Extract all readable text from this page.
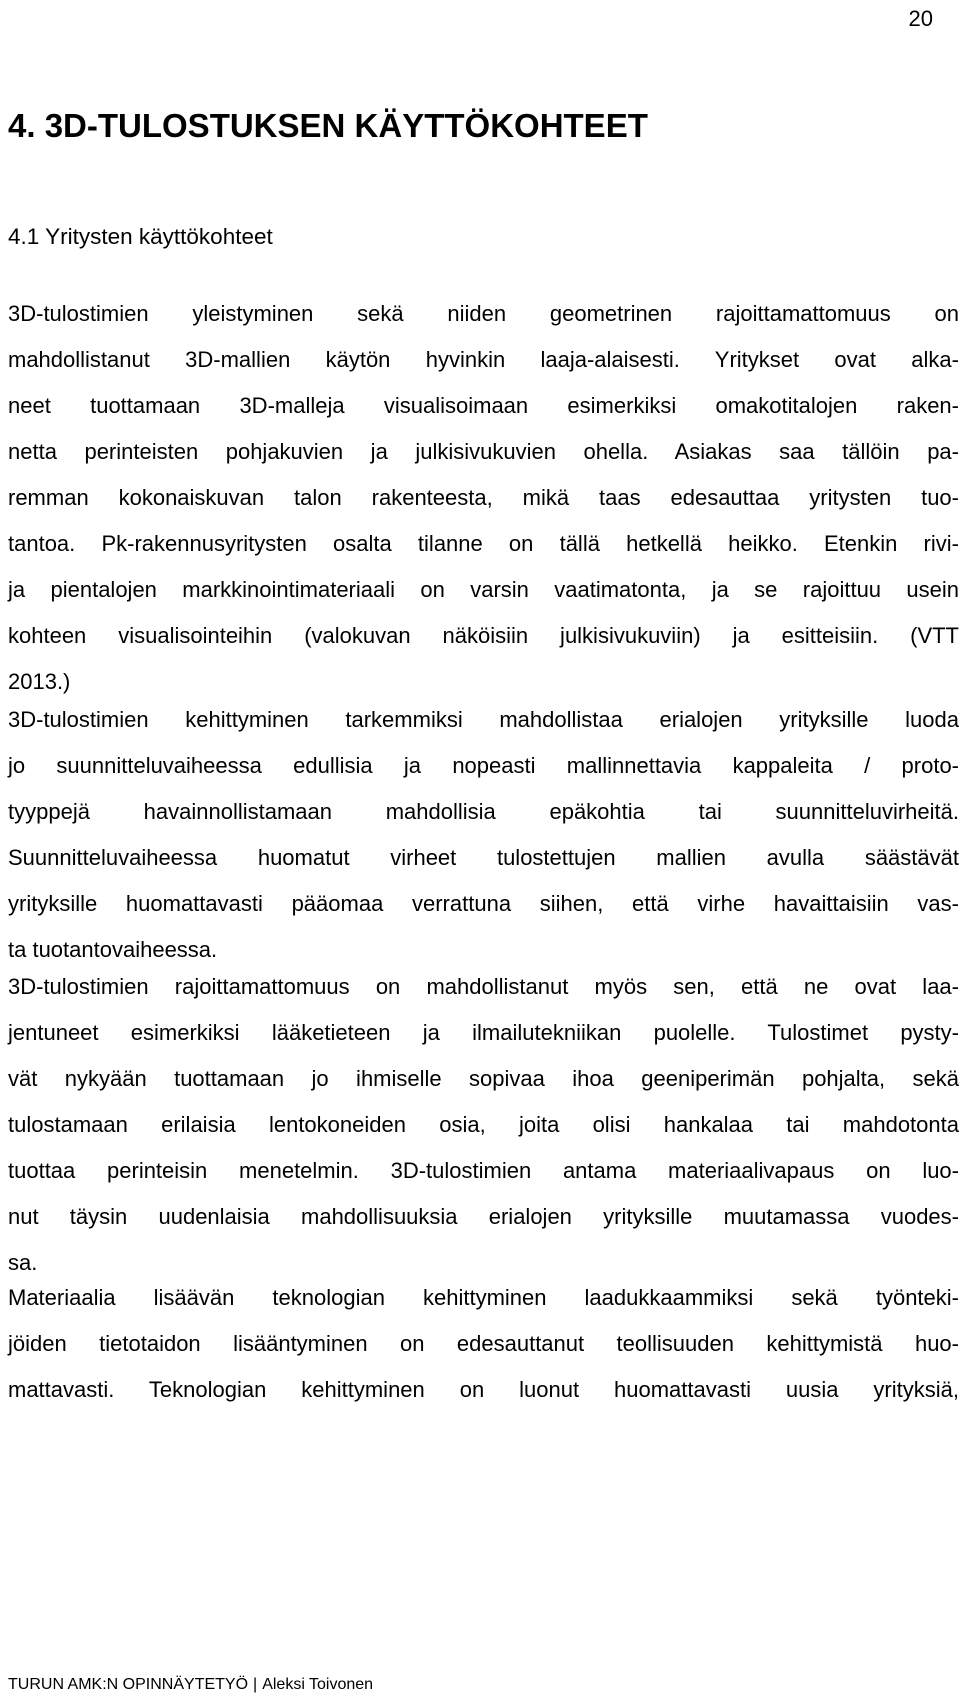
20
4. 3D-TULOSTUKSEN KÄYTTÖKOHTEET
4.1 Yritysten käyttökohteet
3D-tulostimien yleistyminen sekä niiden geometrinen rajoittamattomuus on
mahdollistanut 3D-mallien käytön hyvinkin laaja-alaisesti. Yritykset ovat alka-
neet tuottamaan 3D-malleja visualisoimaan esimerkiksi omakotitalojen raken-
netta perinteisten pohjakuvien ja julkisivukuvien ohella. Asiakas saa tällöin pa-
remman kokonaiskuvan talon rakenteesta, mikä taas edesauttaa yritysten tuo-
tantoa. Pk-rakennusyritysten osalta tilanne on tällä hetkellä heikko. Etenkin rivi-
ja pientalojen markkinointimateriaali on varsin vaatimatonta, ja se rajoittuu usein
kohteen visualisointeihin (valokuvan näköisiin julkisivukuviin) ja esitteisiin. (VTT
2013.)
3D-tulostimien kehittyminen tarkemmiksi mahdollistaa erialojen yrityksille luoda
jo suunnitteluvaiheessa edullisia ja nopeasti mallinnettavia kappaleita / proto-
tyyppejä havainnollistamaan mahdollisia epäkohtia tai suunnitteluvirheitä.
Suunnitteluvaiheessa huomatut virheet tulostettujen mallien avulla säästävät
yrityksille huomattavasti pääomaa verrattuna siihen, että virhe havaittaisiin vas-
ta tuotantovaiheessa.
3D-tulostimien rajoittamattomuus on mahdollistanut myös sen, että ne ovat laa-
jentuneet esimerkiksi lääketieteen ja ilmailutekniikan puolelle. Tulostimet pysty-
vät nykyään tuottamaan jo ihmiselle sopivaa ihoa geeniperimän pohjalta, sekä
tulostamaan erilaisia lentokoneiden osia, joita olisi hankalaa tai mahdotonta
tuottaa perinteisin menetelmin. 3D-tulostimien antama materiaalivapaus on luo-
nut täysin uudenlaisia mahdollisuuksia erialojen yrityksille muutamassa vuodes-
sa.
Materiaalia lisäävän teknologian kehittyminen laadukkaammiksi sekä työnteki-
jöiden tietotaidon lisääntyminen on edesauttanut teollisuuden kehittymistä huo-
mattavasti. Teknologian kehittyminen on luonut huomattavasti uusia yrityksiä,
TURUN AMK:N OPINNÄYTETYÖ | Aleksi Toivonen
